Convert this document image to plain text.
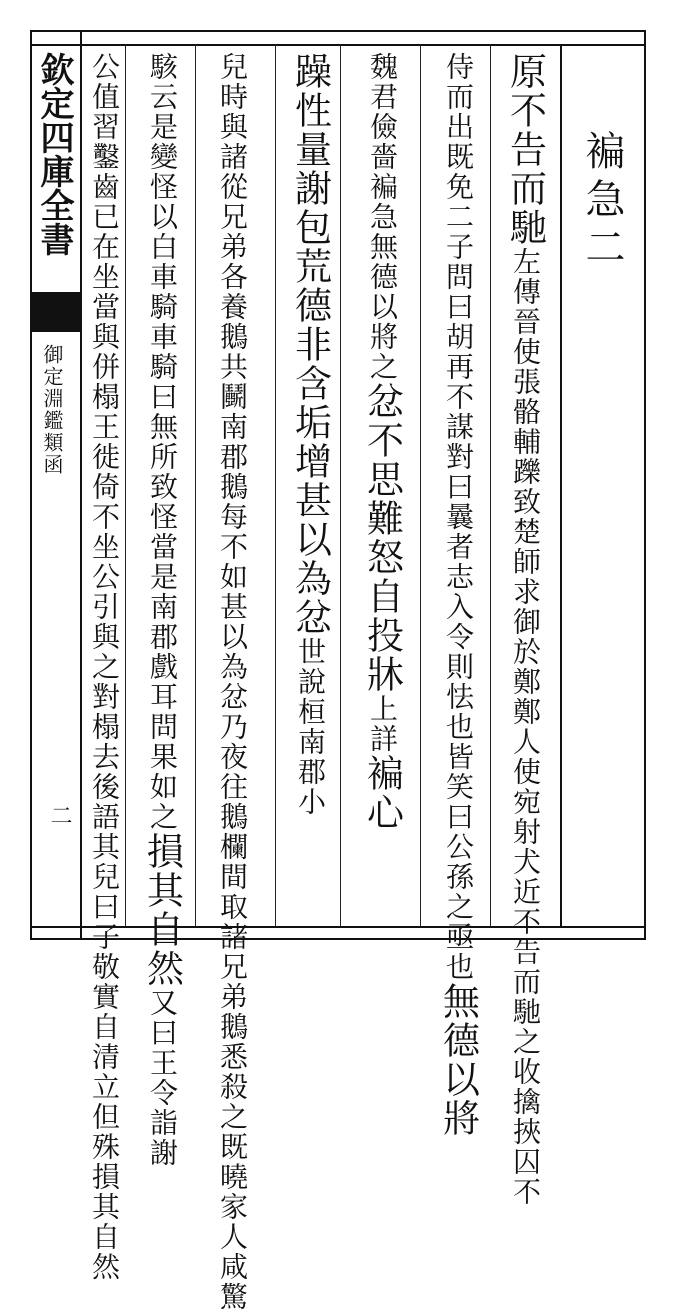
欽定四庫全書
御定淵鑑類函
二
褊急二
原不告而馳
左傳晉使張骼輔躒致楚師求御於鄭鄭人使宛射犬近不告而馳之收擒挾囚不
侍而出既免二子問曰胡再不謀對曰曩者志入令則怯也皆笑曰公孫之亟也
無德以將
魏君儉嗇褊急無德以將之
忿不思難
怒自投牀
上詳
褊心
躁性
量謝包荒
德非含垢
增甚以為忿
世說桓南郡小
兒時與諸從兄弟各養鵝共鬭南郡鵝每不如甚以為忿乃夜往鵝欄間取諸兄弟鵝悉殺之既曉家人咸驚
駭云是變怪以白車騎車騎曰無所致怪當是南郡戲耳問果如之
損其自然
又曰王令詣謝
公值習鑿齒已在坐當與併榻王徙倚不坐公引與之對榻去後語其兒曰子敬實自清立但殊損其自然
